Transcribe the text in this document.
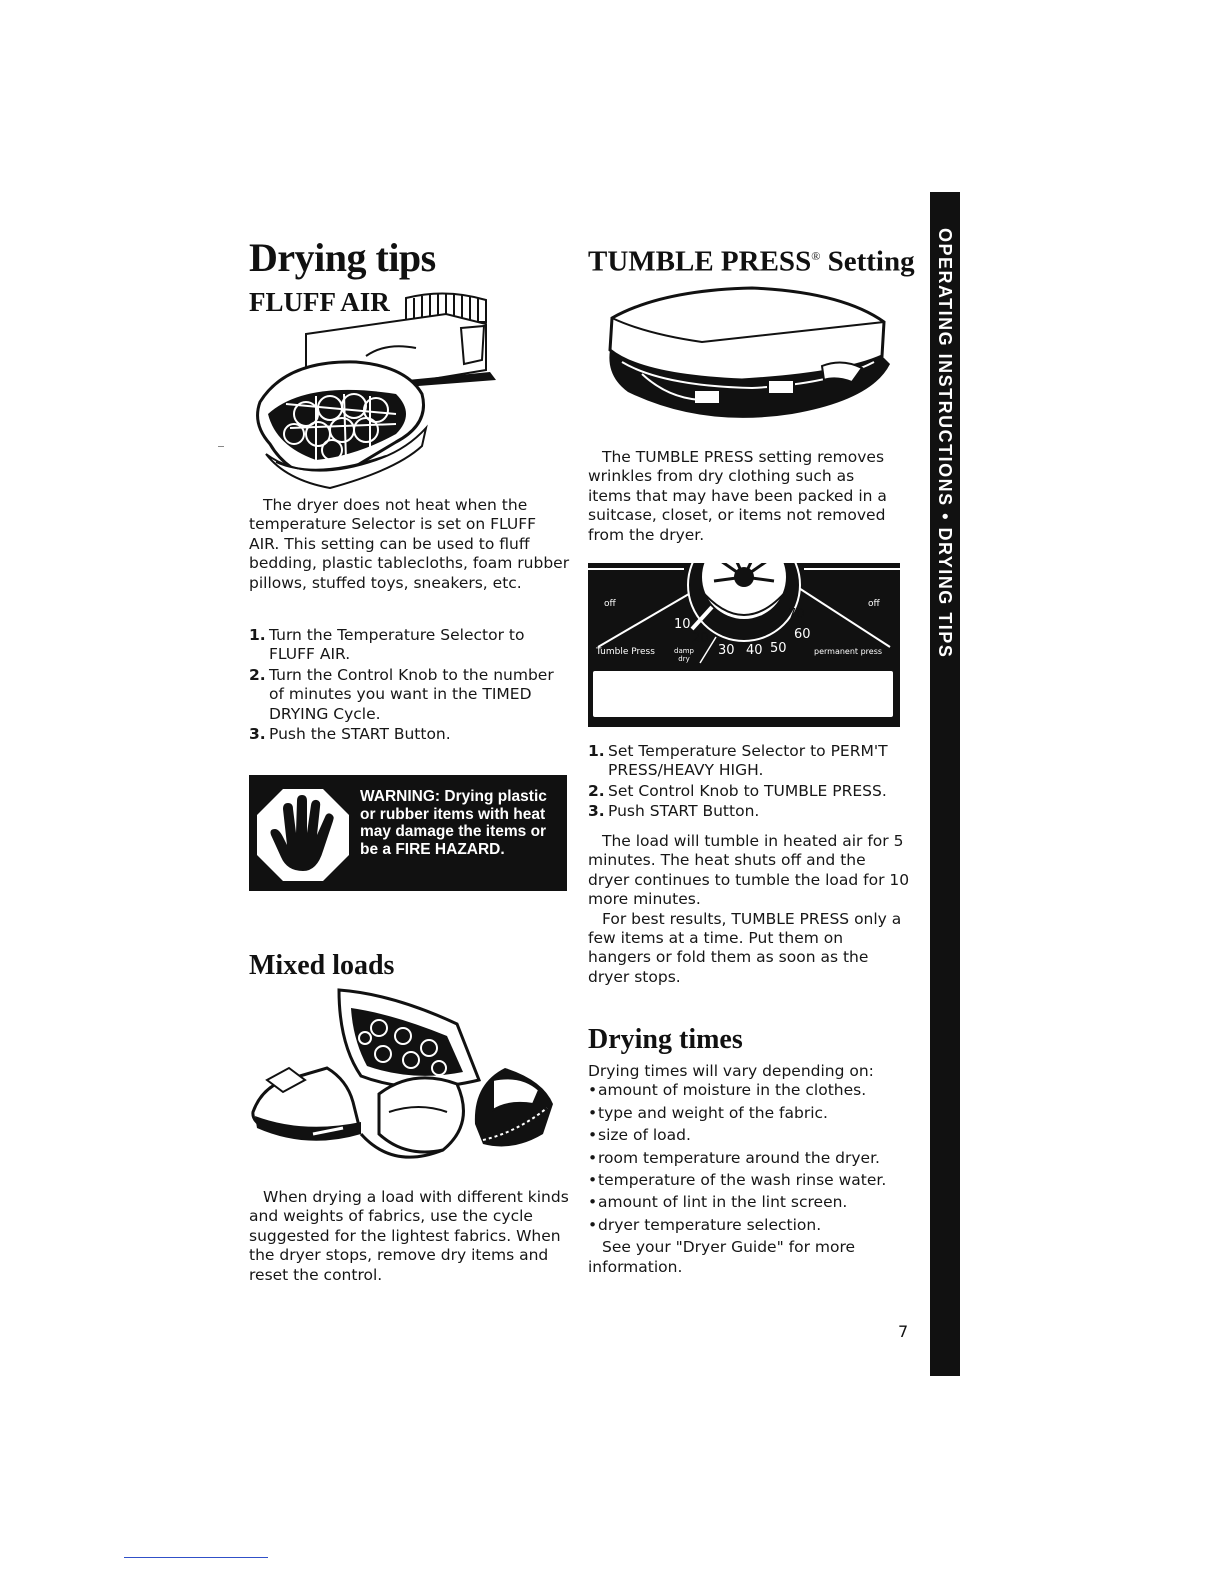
Drying tips
FLUFF AIR

The dryer does not heat when the temperature Selector is set on FLUFF AIR. This setting can be used to fluff bedding, plastic tablecloths, foam rubber pillows, stuffed toys, sneakers, etc.

1. Turn the Temperature Selector to FLUFF AIR.
2. Turn the Control Knob to the number of minutes you want in the TIMED DRYING Cycle.
3. Push the START Button.
WARNING: Drying plastic or rubber items with heat may damage the items or be a FIRE HAZARD.
Mixed loads

When drying a load with different kinds and weights of fabrics, use the cycle suggested for the lightest fabrics. When the dryer stops, remove dry items and reset the control.

TUMBLE PRESS® Setting

The TUMBLE PRESS setting removes wrinkles from dry clothing such as items that may have been packed in a suitcase, closet, or items not removed from the dryer.

off	off
10
20
30 40 50
60
70
Tumble Press	damp dry
permanent press
1. Set Temperature Selector to PERM'T PRESS/HEAVY HIGH.
2. Set Control Knob to TUMBLE PRESS.
3. Push START Button.

The load will tumble in heated air for 5 minutes. The heat shuts off and the dryer continues to tumble the load for 10 more minutes.

For best results, TUMBLE PRESS only a few items at a time. Put them on hangers or fold them as soon as the dryer stops.

Drying times

Drying times will vary depending on:

•amount of moisture in the clothes.
•type and weight of the fabric.
•size of load.
•room temperature around the dryer.
•temperature of the wash rinse water.
•amount of lint in the lint screen.
•dryer temperature selection.

See your "Dryer Guide" for more information.

7
OPERATING INSTRUCTIONS • DRYING TIPS
